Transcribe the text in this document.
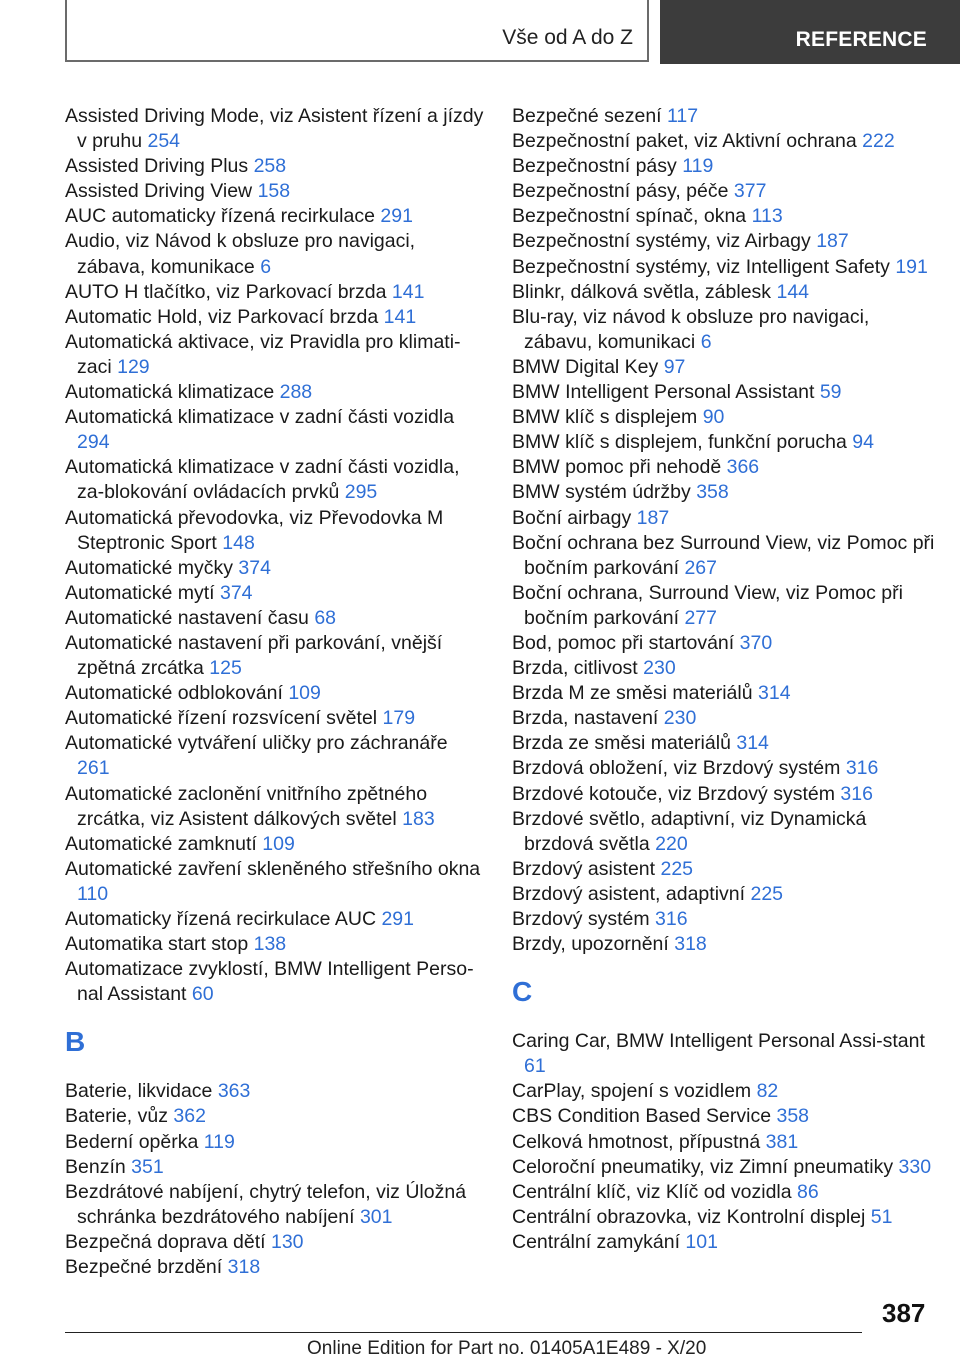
Vše od A do Z	REFERENCE

Assisted Driving Mode, viz Asistent řízení a jízdy v pruhu 254

Assisted Driving Plus 258

Assisted Driving View 158

AUC automaticky řízená recirkulace 291

Audio, viz Návod k obsluze pro navigaci, zábava, komunikace 6

AUTO H tlačítko, viz Parkovací brzda 141

Automatic Hold, viz Parkovací brzda 141

Automatická aktivace, viz Pravidla pro klimati-zaci 129

Automatická klimatizace 288

Automatická klimatizace v zadní části vozidla 294

Automatická klimatizace v zadní části vozidla, za-blokování ovládacích prvků 295

Automatická převodovka, viz Převodovka M Steptronic Sport 148

Automatické myčky 374

Automatické mytí 374

Automatické nastavení času 68

Automatické nastavení při parkování, vnější zpětná zrcátka 125

Automatické odblokování 109

Automatické řízení rozsvícení světel 179

Automatické vytváření uličky pro záchranáře 261

Automatické zaclonění vnitřního zpětného zrcátka, viz Asistent dálkových světel 183

Automatické zamknutí 109

Automatické zavření skleněného střešního okna 110

Automaticky řízená recirkulace AUC 291

Automatika start stop 138

Automatizace zvyklostí, BMW Intelligent Perso-nal Assistant 60

B

Baterie, likvidace 363

Baterie, vůz 362

Bederní opěrka 119

Benzín 351

Bezdrátové nabíjení, chytrý telefon, viz Úložná schránka bezdrátového nabíjení 301

Bezpečná doprava dětí 130

Bezpečné brzdění 318

Bezpečné sezení 117

Bezpečnostní paket, viz Aktivní ochrana 222

Bezpečnostní pásy 119

Bezpečnostní pásy, péče 377

Bezpečnostní spínač, okna 113

Bezpečnostní systémy, viz Airbagy 187

Bezpečnostní systémy, viz Intelligent Safety 191

Blinkr, dálková světla, záblesk 144

Blu-ray, viz návod k obsluze pro navigaci, zábavu, komunikaci 6

BMW Digital Key 97

BMW Intelligent Personal Assistant 59

BMW klíč s displejem 90

BMW klíč s displejem, funkční porucha 94

BMW pomoc při nehodě 366

BMW systém údržby 358

Boční airbagy 187

Boční ochrana bez Surround View, viz Pomoc při bočním parkování 267

Boční ochrana, Surround View, viz Pomoc při bočním parkování 277

Bod, pomoc při startování 370

Brzda, citlivost 230

Brzda M ze směsi materiálů 314

Brzda, nastavení 230

Brzda ze směsi materiálů 314

Brzdová obložení, viz Brzdový systém 316

Brzdové kotouče, viz Brzdový systém 316

Brzdové světlo, adaptivní, viz Dynamická brzdová světla 220

Brzdový asistent 225

Brzdový asistent, adaptivní 225

Brzdový systém 316

Brzdy, upozornění 318

C

Caring Car, BMW Intelligent Personal Assi-stant 61

CarPlay, spojení s vozidlem 82

CBS Condition Based Service 358

Celková hmotnost, přípustná 381

Celoroční pneumatiky, viz Zimní pneumatiky 330

Centrální klíč, viz Klíč od vozidla 86

Centrální obrazovka, viz Kontrolní displej 51

Centrální zamykání 101

387
Online Edition for Part no. 01405A1E489 - X/20
